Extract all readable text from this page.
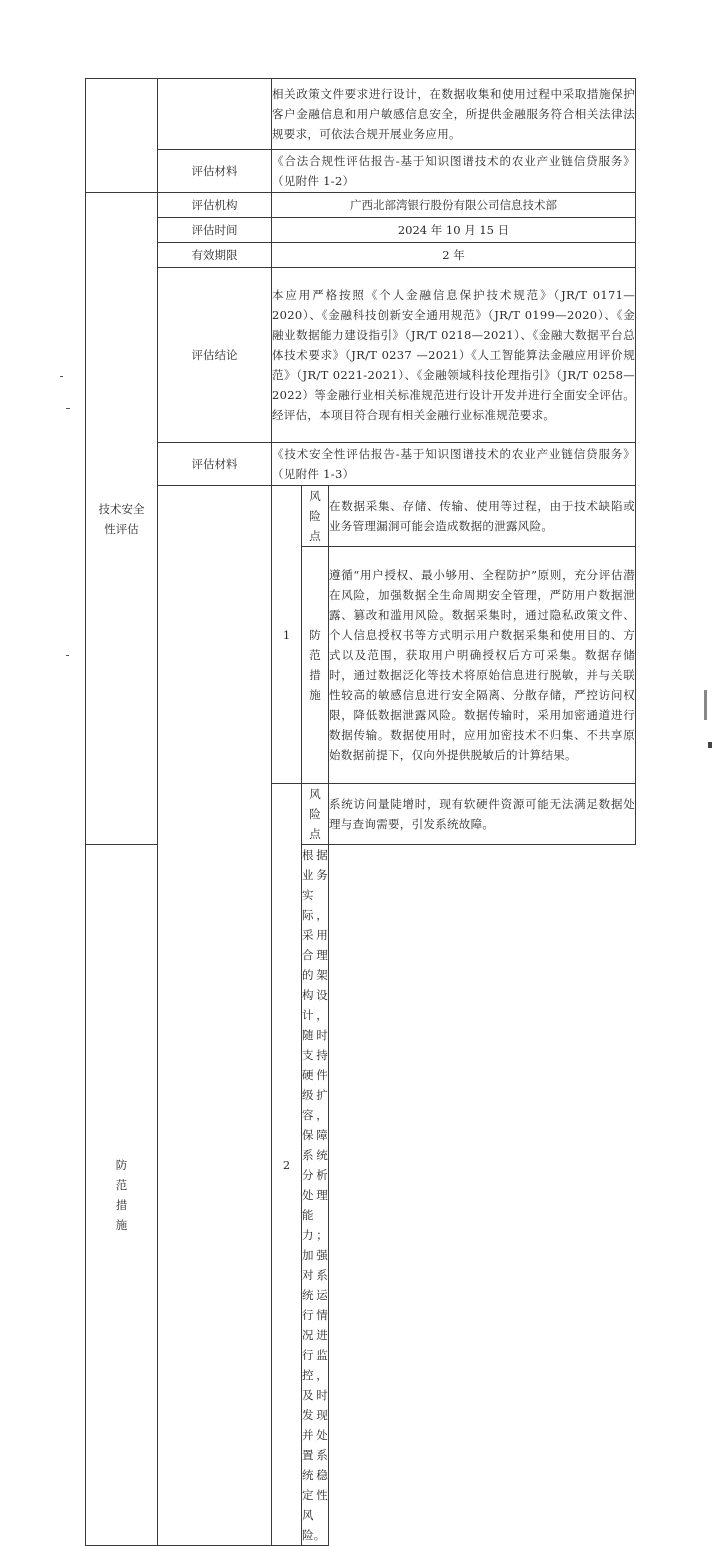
		相关政策文件要求进行设计，在数据收集和使用过程中采取措施保护客户金融信息和用户敏感信息安全，所提供金融服务符合相关法律法规要求，可依法合规开展业务应用。		
	评估材料	《合法合规性评估报告-基于知识图谱技术的农业产业链信贷服务》（见附件 1-2）		
技术安全性评估	评估机构	广西北部湾银行股份有限公司信息技术部		
	评估时间	2024 年 10 月 15 日		
	有效期限	2 年		
	评估结论	本应用严格按照《个人金融信息保护技术规范》（JR/T 0171—2020）、《金融科技创新安全通用规范》（JR/T 0199—2020）、《金融业数据能力建设指引》（JR/T 0218—2021）、《金融大数据平台总体技术要求》（JR/T 0237 —2021）《人工智能算法金融应用评价规范》（JR/T 0221-2021）、《金融领域科技伦理指引》（JR/T 0258—2022）等金融行业相关标准规范进行设计开发并进行全面安全评估。经评估，本项目符合现有相关金融行业标准规范要求。		
	评估材料	《技术安全性评估报告-基于知识图谱技术的农业产业链信贷服务》（见附件 1-3）		
		1	风险点	在数据采集、存储、传输、使用等过程，由于技术缺陷或业务管理漏洞可能会造成数据的泄露风险。

			防范措施	遵循“用户授权、最小够用、全程防护”原则，充分评估潜在风险，加强数据全生命周期安全管理，严防用户数据泄露、篡改和滥用风险。数据采集时，通过隐私政策文件、个人信息授权书等方式明示用户数据采集和使用目的、方式以及范围，获取用户明确授权后方可采集。数据存储时，通过数据泛化等技术将原始信息进行脱敏，并与关联性较高的敏感信息进行安全隔离、分散存储，严控访问权限，降低数据泄露风险。数据传输时，采用加密通道进行数据传输。数据使用时，应用加密技术不归集、不共享原始数据前提下，仅向外提供脱敏后的计算结果。
		2	风险点	系统访问量陡增时，现有软硬件资源可能无法满足数据处理与查询需要，引发系统故障。

防范措施			根据业务实际，采用合理的架构设计，随时支持硬件级扩容，保障系统分析处理能力；加强对系统运行情况进行监控，及时发现并处置系统稳定性风险。	
